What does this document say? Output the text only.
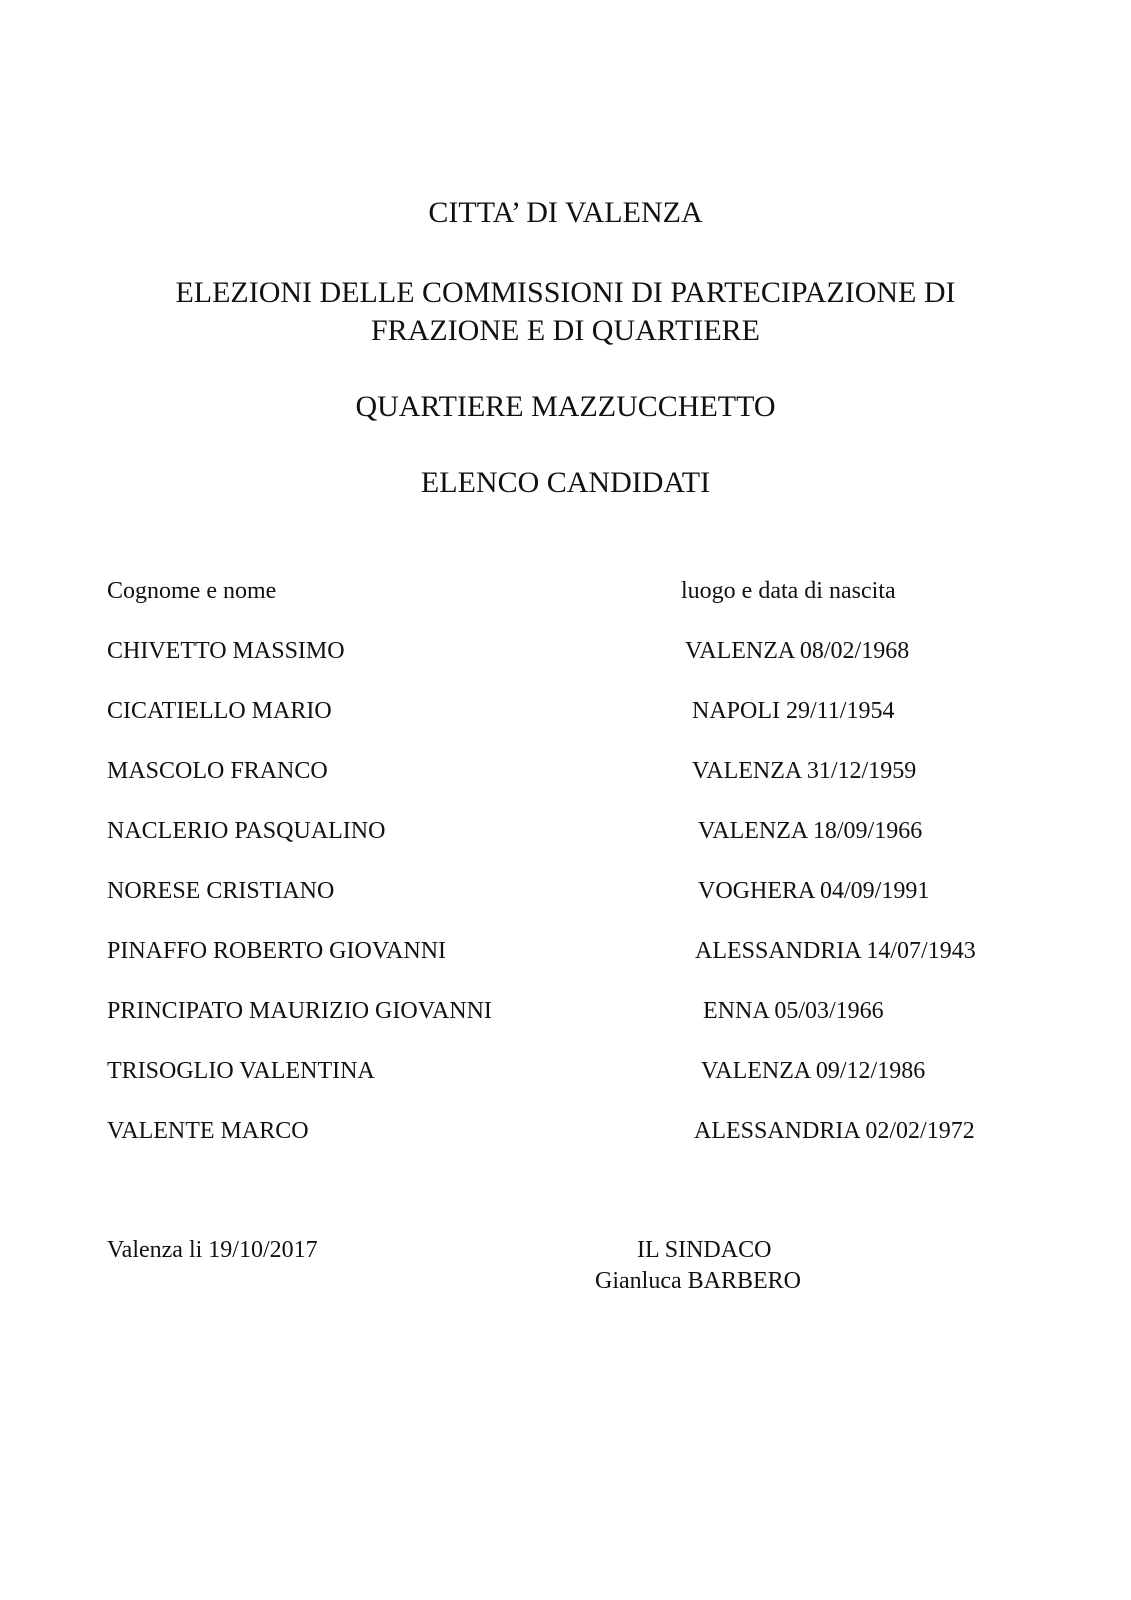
CITTA’ DI VALENZA
ELEZIONI DELLE COMMISSIONI DI PARTECIPAZIONE DI
FRAZIONE E DI QUARTIERE
QUARTIERE MAZZUCCHETTO
ELENCO CANDIDATI
Cognome e nome	luogo e data di nascita
CHIVETTO MASSIMO	VALENZA 08/02/1968
CICATIELLO MARIO	NAPOLI 29/11/1954
MASCOLO FRANCO	VALENZA 31/12/1959
NACLERIO PASQUALINO	VALENZA 18/09/1966
NORESE CRISTIANO	VOGHERA 04/09/1991
PINAFFO ROBERTO GIOVANNI	ALESSANDRIA 14/07/1943
PRINCIPATO MAURIZIO GIOVANNI	ENNA 05/03/1966
TRISOGLIO VALENTINA	VALENZA 09/12/1986
VALENTE MARCO	ALESSANDRIA 02/02/1972
Valenza li 19/10/2017	IL SINDACO
Gianluca BARBERO
